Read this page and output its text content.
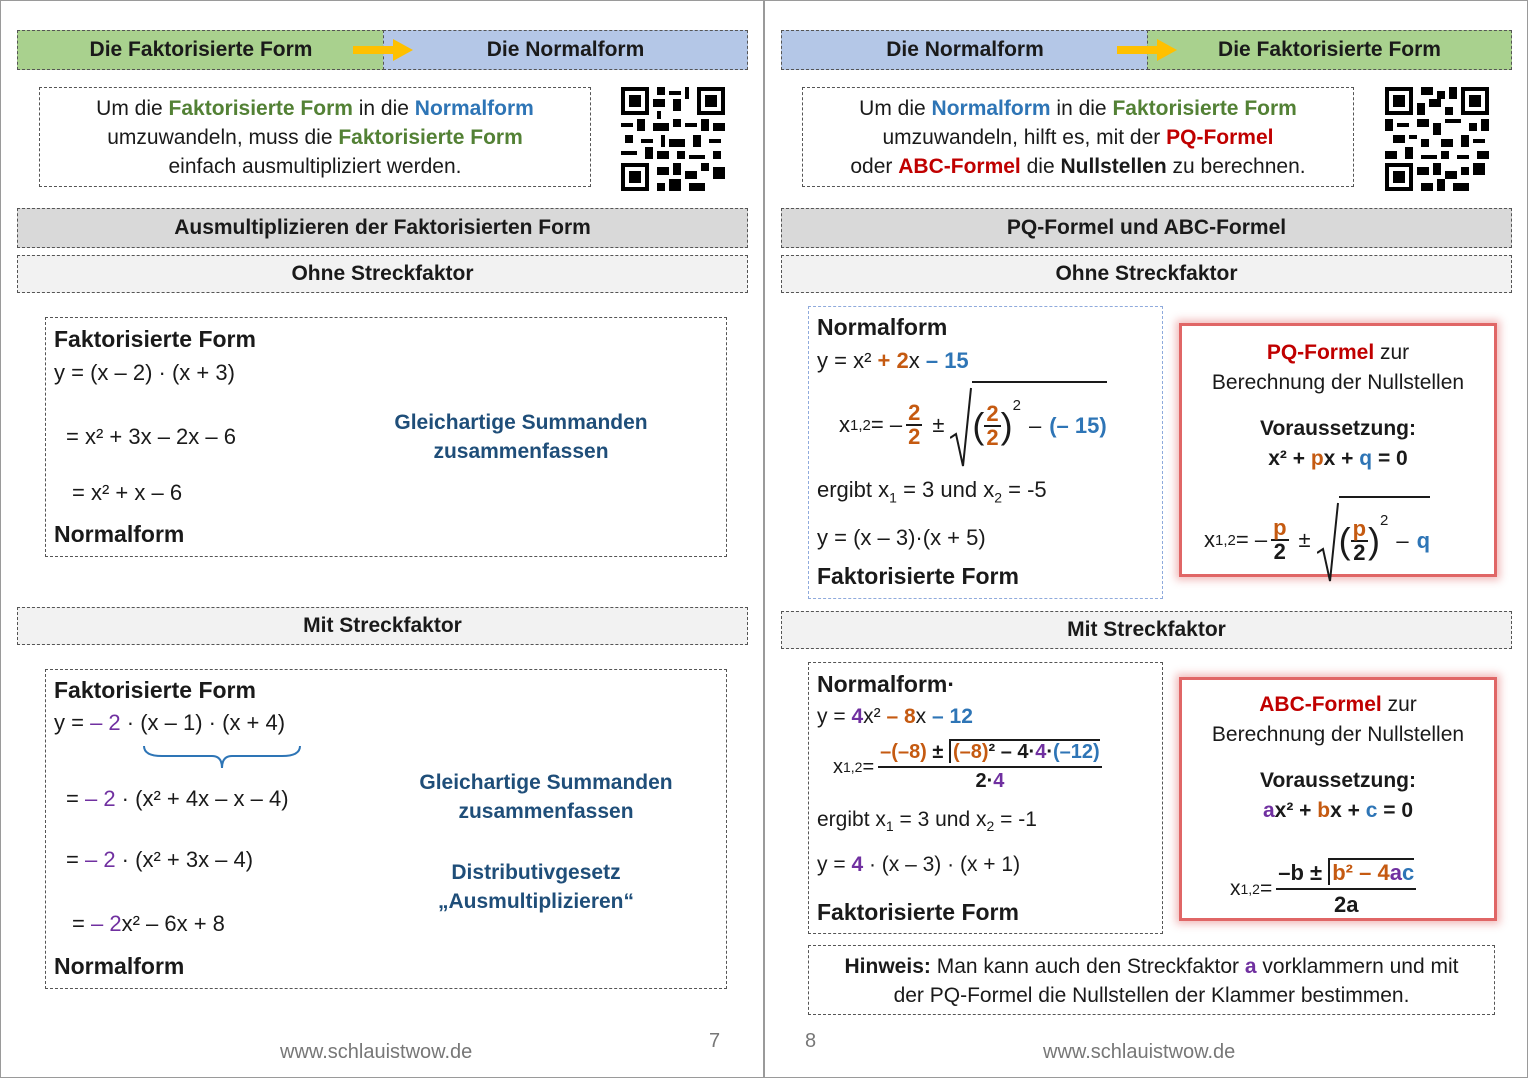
Die Faktorisierte Form	Die Normalform
Um die Faktorisierte Form in die Normalform
umzuwandeln, muss die Faktorisierte Form
einfach ausmultipliziert werden.
Ausmultiplizieren der Faktorisierten Form
Ohne Streckfaktor
Faktorisierte Form
y = (x – 2) · (x + 3)
= x² + 3x – 2x – 6
= x² + x – 6
Normalform
Gleichartige Summanden
zusammenfassen
Mit Streckfaktor
Faktorisierte Form
y = – 2 · (x – 1) · (x + 4)
= – 2 · (x² + 4x – x – 4)
= – 2 · (x² + 3x – 4)
= – 2x² – 6x + 8
Normalform
Gleichartige Summanden
zusammenfassen
Distributivgesetz
„Ausmultiplizieren“
www.schlauistwow.de	7
Die Normalform	Die Faktorisierte Form
Um die Normalform in die Faktorisierte Form
umzuwandeln, hilft es, mit der PQ-Formel
oder ABC-Formel die Nullstellen zu berechnen.
PQ-Formel und ABC-Formel
Ohne Streckfaktor
Normalform
y = x² + 2x – 15
x 1,2 = – $\frac{2}{2}$ ± ( $\frac{2}{2} )^2$
– (– 15)
ergibt $x_1 = 3$ und $x_2 = -5$
y = (x – 3)·(x + 5)
Faktorisierte Form
PQ-Formel zur
Berechnung der Nullstellen
Voraussetzung:
x² + px + q = 0
x 1,2 = – $\frac{p}{2}$ ± ( $\frac{p}{2} )^2$
– q
Mit Streckfaktor
Normalform·
y = 4x² – 8x – 12
x $1,2 = \frac{\text{–(–8) ± (–8)² – 4·4·(–12)}}{2\cdot 4}$
ergibt $x_1 = 3$ und $x_2 = -1$
y = 4 · (x – 3) · (x + 1)
Faktorisierte Form
ABC-Formel zur
Berechnung der Nullstellen
Voraussetzung:
ax² + bx + c = 0
x $1,2 = \frac{\text{–b ± b² – 4ac}}{2a}$
Hinweis: Man kann auch den Streckfaktor a vorklammern und mit
der PQ-Formel die Nullstellen der Klammer bestimmen.
8	www.schlauistwow.de
